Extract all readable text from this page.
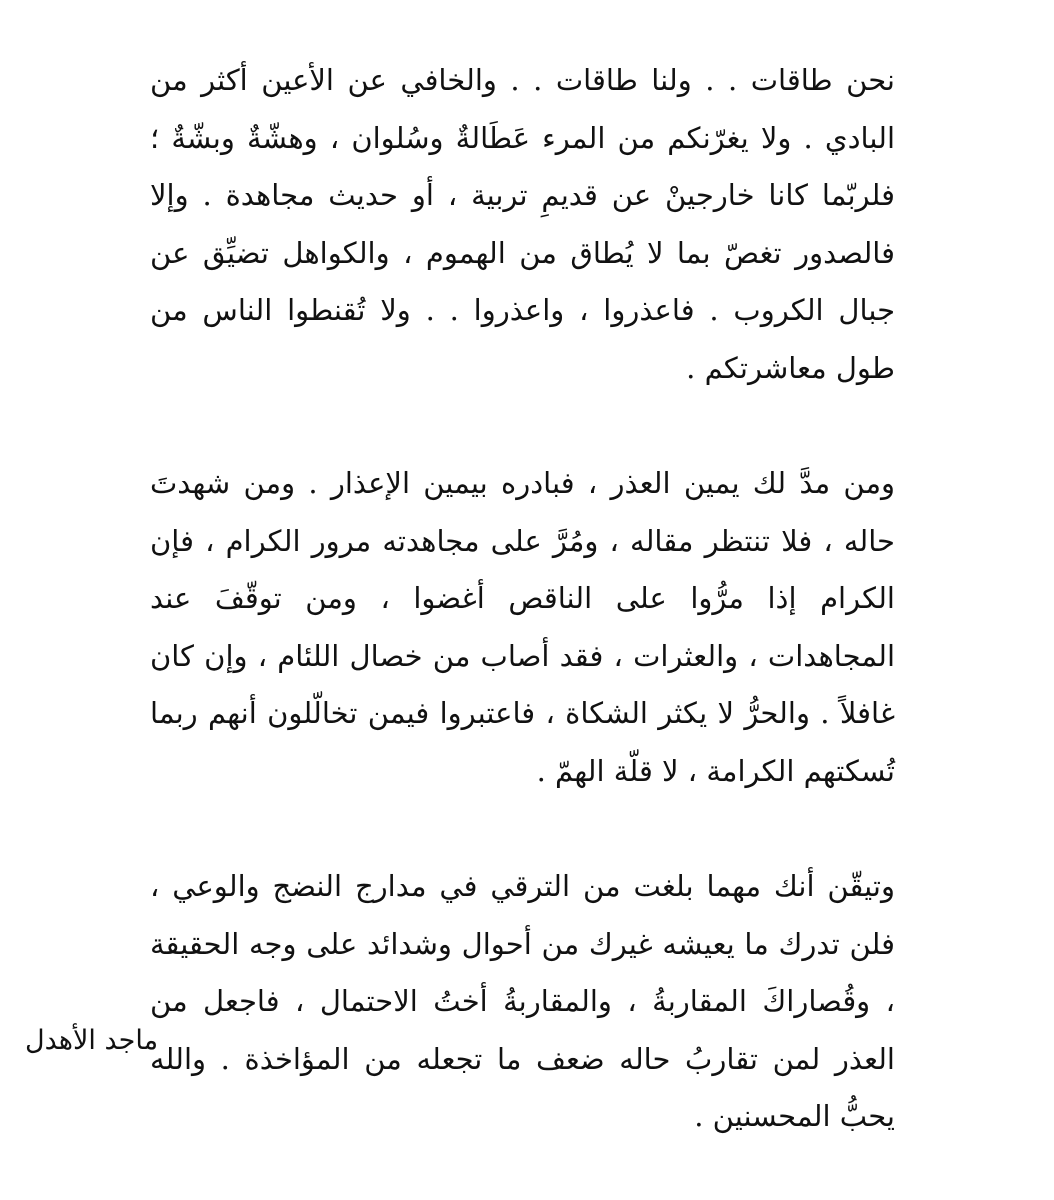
نحن طاقات . . ولنا طاقات . . والخافي عن الأعين أكثر من البادي . ولا يغرّنكم من المرء عَطَالةٌ وسُلوان ، وهشّةٌ وبشّةٌ ؛ فلربّما كانا خارجينْ عن قديمِ تربية ، أو حديث مجاهدة . وإلا فالصدور تغصّ بما لا يُطاق من الهموم ، والكواهل تضيِّق عن جبال الكروب . فاعذروا ، واعذروا . . ولا تُقنطوا الناس من طول معاشرتكم .

ومن مدَّ لك يمين العذر ، فبادره بيمين الإعذار . ومن شهدتَ حاله ، فلا تنتظر مقاله ، ومُرَّ على مجاهدته مرور الكرام ، فإن الكرام إذا مرُّوا على الناقص أغضوا ، ومن توقّفَ عند المجاهدات ، والعثرات ، فقد أصاب من خصال اللئام ، وإن كان غافلاً . والحرُّ لا يكثر الشكاة ، فاعتبروا فيمن تخالّلون أنهم ربما تُسكتهم الكرامة ، لا قلّة الهمّ .

وتيقّن أنك مهما بلغت من الترقي في مدارج النضج والوعي ، فلن تدرك ما يعيشه غيرك من أحوال وشدائد على وجه الحقيقة ، وقُصاراكَ المقاربةُ ، والمقاربةُ أختُ الاحتمال ، فاجعل من العذر لمن تقاربُ حاله ضعف ما تجعله من المؤاخذة . والله يحبُّ المحسنين .

ماجد الأهدل
